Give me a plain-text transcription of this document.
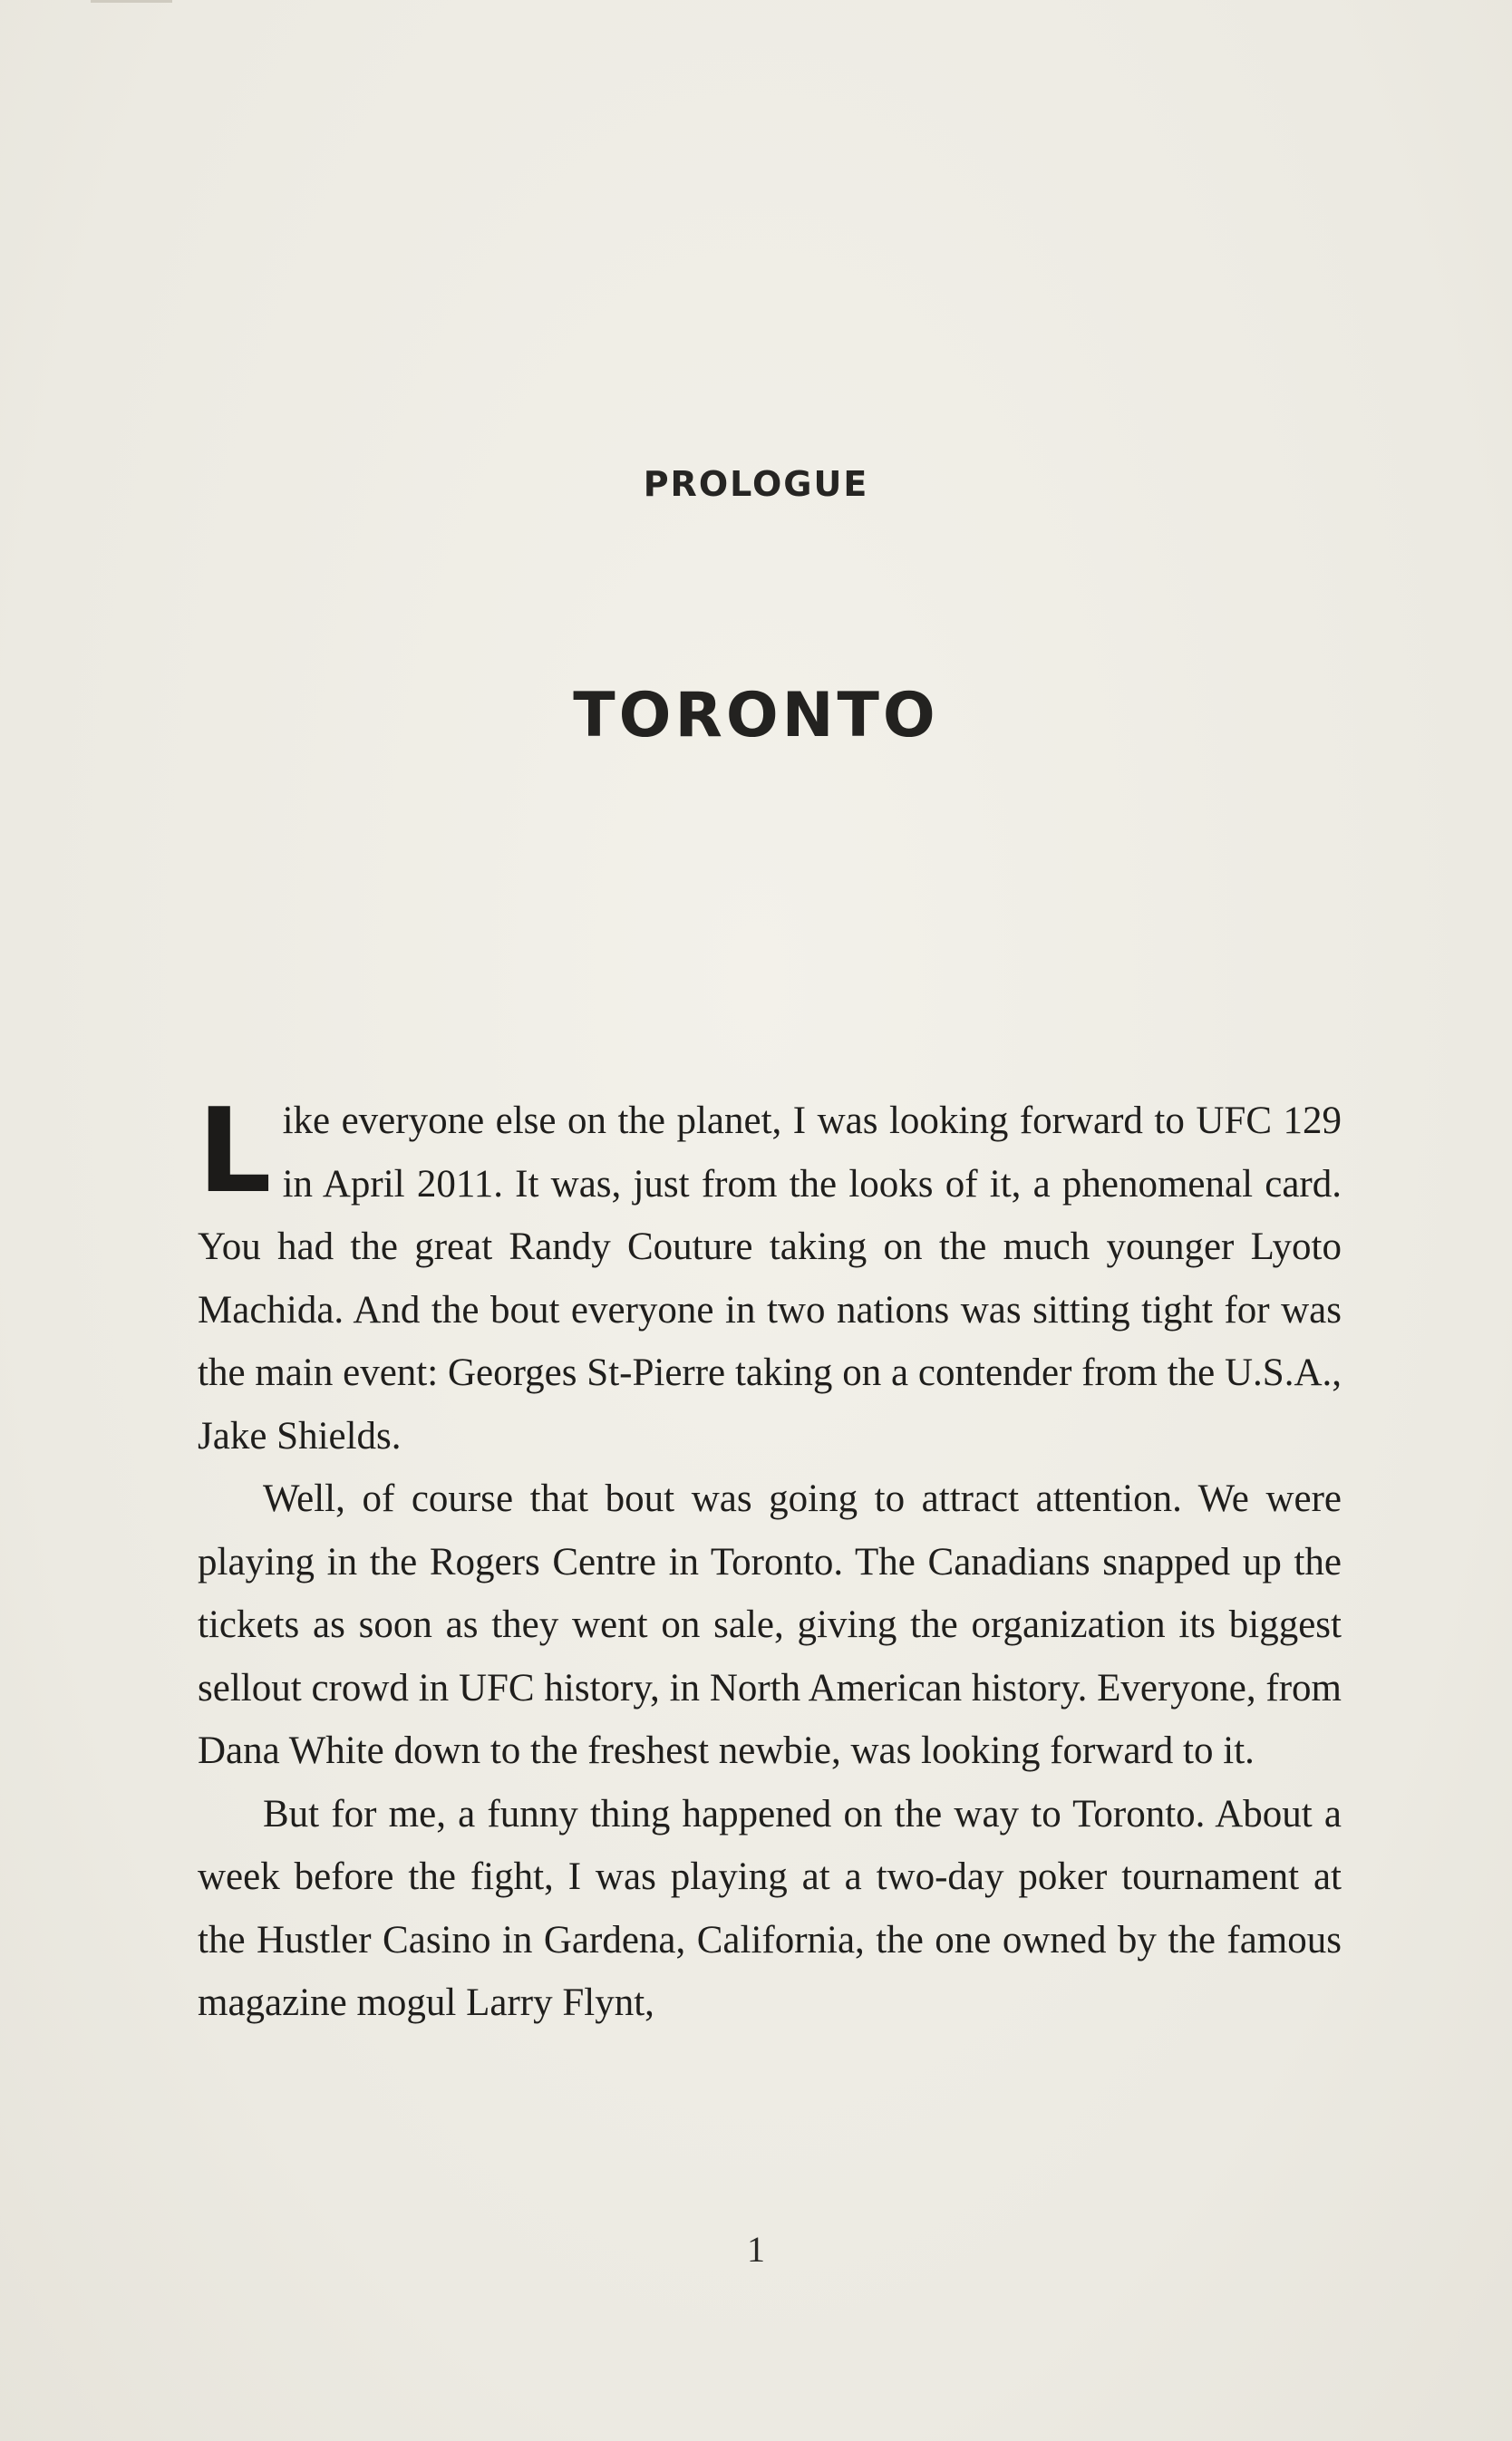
PROLOGUE
TORONTO

Like everyone else on the planet, I was looking forward to UFC 129 in April 2011. It was, just from the looks of it, a phenomenal card. You had the great Randy Couture taking on the much younger Lyoto Machida. And the bout everyone in two nations was sitting tight for was the main event: Georges St-Pierre taking on a contender from the U.S.A., Jake Shields.

Well, of course that bout was going to attract attention. We were playing in the Rogers Centre in Toronto. The Canadians snapped up the tickets as soon as they went on sale, giving the organization its biggest sellout crowd in UFC history, in North American history. Everyone, from Dana White down to the freshest newbie, was looking forward to it.

But for me, a funny thing happened on the way to Toronto. About a week before the fight, I was playing at a two-day poker tournament at the Hustler Casino in Gardena, California, the one owned by the famous magazine mogul Larry Flynt,

1
